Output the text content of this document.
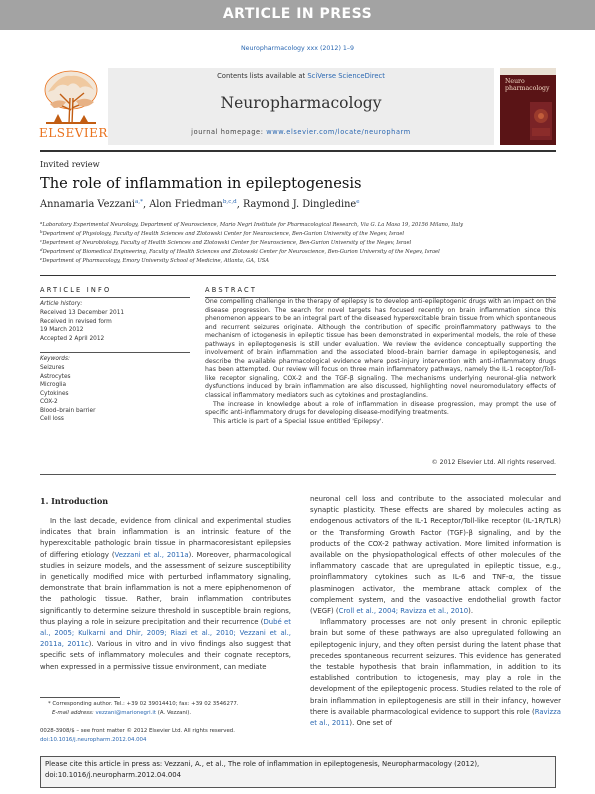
ARTICLE IN PRESS
Neuropharmacology xxx (2012) 1–9
Contents lists available at SciVerse ScienceDirect
Neuropharmacology
journal homepage: www.elsevier.com/locate/neuropharm
ELSEVIER
Neuro
pharmacology
Invited review
The role of inflammation in epileptogenesis
Annamaria Vezzani$^{a,*}$, Alon Friedman$^{b,c,d}$, Raymond J. Dingledine$^e$
$^a$Laboratory Experimental Neurology, Department of Neuroscience, Mario Negri Institute for Pharmacological Research, Via G. La Masa 19, 20156 Milano, Italy
$^b$Department of Physiology, Faculty of Health Sciences and Zlotowski Center for Neuroscience, Ben-Gurion University of the Negev, Israel
$^c$Department of Neurobiology, Faculty of Health Sciences and Zlotowski Center for Neuroscience, Ben-Gurion University of the Negev, Israel
$^d$Department of Biomedical Engineering, Faculty of Health Sciences and Zlotowski Center for Neuroscience, Ben-Gurion University of the Negev, Israel
$^e$Department of Pharmacology, Emory University School of Medicine, Atlanta, GA, USA
ARTICLE INFO
Article history:
Received 13 December 2011
Received in revised form
19 March 2012
Accepted 2 April 2012
Keywords:
Seizures
Astrocytes
Microglia
Cytokines
COX-2
Blood–brain barrier
Cell loss
ABSTRACT

One compelling challenge in the therapy of epilepsy is to develop anti-epileptogenic drugs with an impact on the disease progression. The search for novel targets has focused recently on brain inflammation since this phenomenon appears to be an integral part of the diseased hyperexcitable brain tissue from which spontaneous and recurrent seizures originate. Although the contribution of specific proinflammatory pathways to the mechanism of ictogenesis in epileptic tissue has been demonstrated in experimental models, the role of these pathways in epileptogenesis is still under evaluation. We review the evidence conceptually supporting the involvement of brain inflammation and the associated blood–brain barrier damage in epileptogenesis, and describe the available pharmacological evidence where post-injury intervention with anti-inflammatory drugs has been attempted. Our review will focus on three main inflammatory pathways, namely the IL-1 receptor/Toll-like receptor signaling, COX-2 and the TGF-β signaling. The mechanisms underlying neuronal-glia network dysfunctions induced by brain inflammation are also discussed, highlighting novel neuromodulatory effects of classical inflammatory mediators such as cytokines and prostaglandins.

The increase in knowledge about a role of inflammation in disease progression, may prompt the use of specific anti-inflammatory drugs for developing disease-modifying treatments.

This article is part of a Special Issue entitled 'Epilepsy'.

© 2012 Elsevier Ltd. All rights reserved.
1. Introduction

In the last decade, evidence from clinical and experimental studies indicates that brain inflammation is an intrinsic feature of the hyperexcitable pathologic brain tissue in pharmacoresistant epilepsies of differing etiology (Vezzani et al., 2011a). Moreover, pharmacological studies in seizure models, and the assessment of seizure susceptibility in genetically modified mice with perturbed inflammatory signaling, demonstrate that brain inflammation is not a mere epiphenomenon of the pathologic tissue. Rather, brain inflammation contributes significantly to determine seizure threshold in susceptible brain regions, thus playing a role in seizure precipitation and their recurrence (Dubé et al., 2005; Kulkarni and Dhir, 2009; Riazi et al., 2010; Vezzani et al., 2011a, 2011c). Various in vitro and in vivo findings also suggest that specific sets of inflammatory molecules and their cognate receptors, when expressed in a permissive tissue environment, can mediate

neuronal cell loss and contribute to the associated molecular and synaptic plasticity. These effects are shared by molecules acting as endogenous activators of the IL-1 Receptor/Toll-like receptor (IL-1R/TLR) or the Transforming Growth Factor (TGF)-β signaling, and by the products of the COX-2 pathway activation. More limited information is available on the physiopathological effects of other molecules of the inflammatory cascade that are upregulated in epileptic tissue, e.g., proinflammatory cytokines such as IL-6 and TNF-α, the tissue plasminogen activator, the membrane attack complex of the complement system, and the vasoactive endothelial growth factor (VEGF) (Croll et al., 2004; Ravizza et al., 2010).

Inflammatory processes are not only present in chronic epileptic brain but some of these pathways are also upregulated following an epileptogenic injury, and they often persist during the latent phase that precedes spontaneous recurrent seizures. This evidence has generated the testable hypothesis that brain inflammation, in addition to its established contribution to ictogenesis, may play a role in the development of the epileptogenic process. Studies related to the role of brain inflammation in epileptogenesis are still in their infancy, however there is available pharmacological evidence to support this role (Ravizza et al., 2011). One set of

* Corresponding author. Tel.: +39 02 39014410; fax: +39 02 3546277.
E-mail address: vezzani@marionegri.it (A. Vezzani).
0028-3908/$ – see front matter © 2012 Elsevier Ltd. All rights reserved.
doi:10.1016/j.neuropharm.2012.04.004
Please cite this article in press as: Vezzani, A., et al., The role of inflammation in epileptogenesis, Neuropharmacology (2012), doi:10.1016/j.neuropharm.2012.04.004
